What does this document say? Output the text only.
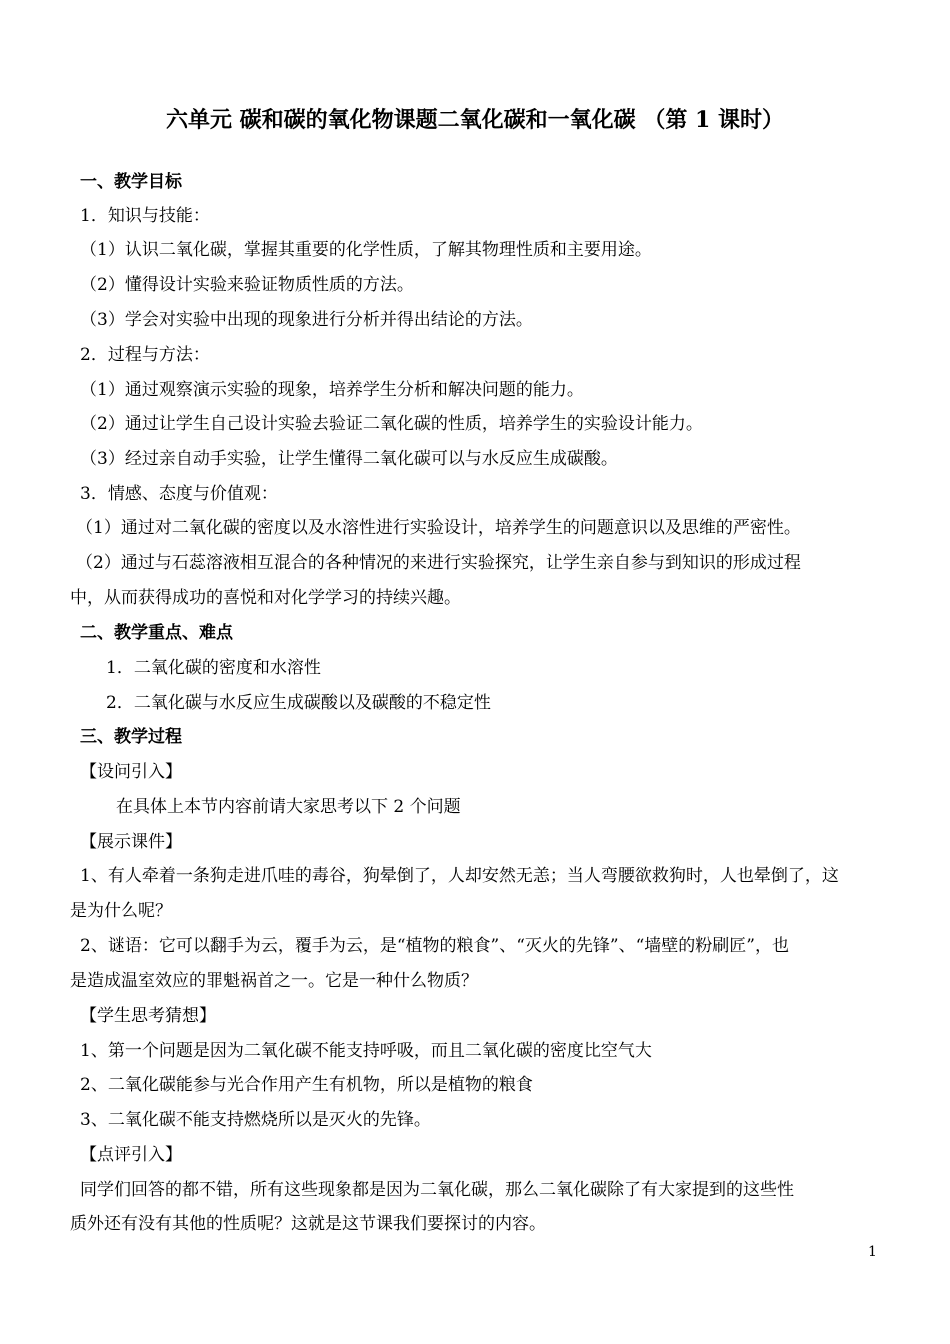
六单元 碳和碳的氧化物课题二氧化碳和一氧化碳 （第 1 课时）
一、教学目标
1．知识与技能：
（1）认识二氧化碳，掌握其重要的化学性质，了解其物理性质和主要用途。
（2）懂得设计实验来验证物质性质的方法。
（3）学会对实验中出现的现象进行分析并得出结论的方法。
2．过程与方法：
（1）通过观察演示实验的现象，培养学生分析和解决问题的能力。
（2）通过让学生自己设计实验去验证二氧化碳的性质，培养学生的实验设计能力。
（3）经过亲自动手实验，让学生懂得二氧化碳可以与水反应生成碳酸。
3．情感、态度与价值观：
（1）通过对二氧化碳的密度以及水溶性进行实验设计，培养学生的问题意识以及思维的严密性。
（2）通过与石蕊溶液相互混合的各种情况的来进行实验探究，让学生亲自参与到知识的形成过程
中，从而获得成功的喜悦和对化学学习的持续兴趣。
二、教学重点、难点
1．二氧化碳的密度和水溶性
2．二氧化碳与水反应生成碳酸以及碳酸的不稳定性
三、教学过程
【设问引入】
在具体上本节内容前请大家思考以下 2 个问题
【展示课件】
1、有人牵着一条狗走进爪哇的毒谷，狗晕倒了，人却安然无恙；当人弯腰欲救狗时，人也晕倒了，这
是为什么呢？
2、谜语：它可以翻手为云，覆手为云，是“植物的粮食”、“灭火的先锋”、“墙壁的粉刷匠”，也
是造成温室效应的罪魁祸首之一。它是一种什么物质？
【学生思考猜想】
1、第一个问题是因为二氧化碳不能支持呼吸，而且二氧化碳的密度比空气大
2、二氧化碳能参与光合作用产生有机物，所以是植物的粮食
3、二氧化碳不能支持燃烧所以是灭火的先锋。
【点评引入】
同学们回答的都不错，所有这些现象都是因为二氧化碳，那么二氧化碳除了有大家提到的这些性
质外还有没有其他的性质呢？这就是这节课我们要探讨的内容。
1
